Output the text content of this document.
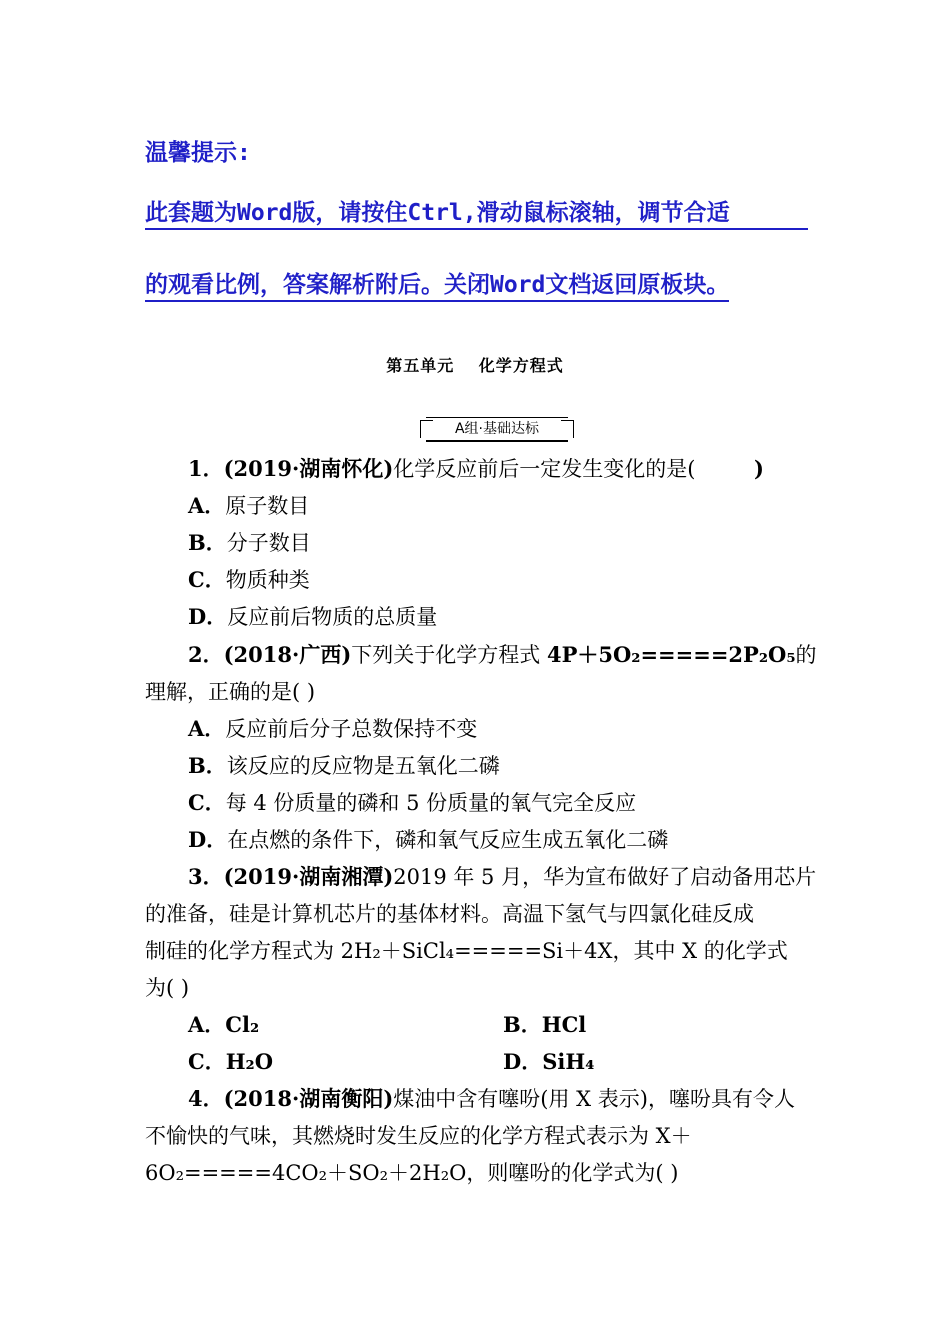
温馨提示:
此套题为Word版，请按住Ctrl,滑动鼠标滚轴，调节合适
的观看比例，答案解析附后。关闭Word文档返回原板块。
第五单元 化学方程式
A组·基础达标
1．(2019·湖南怀化)化学反应前后一定发生变化的是(        )
A．原子数目
B．分子数目
C．物质种类
D．反应前后物质的总质量
2．(2018·广西)下列关于化学方程式 4P＋5O₂=====2P₂O₅的
理解，正确的是( )
A．反应前后分子总数保持不变
B．该反应的反应物是五氧化二磷
C．每 4 份质量的磷和 5 份质量的氧气完全反应
D．在点燃的条件下，磷和氧气反应生成五氧化二磷
3．(2019·湖南湘潭)2019 年 5 月，华为宣布做好了启动备用芯片
的准备，硅是计算机芯片的基体材料。高温下氢气与四氯化硅反成
制硅的化学方程式为 2H₂＋SiCl₄=====Si＋4X，其中 X 的化学式
为( )
A．Cl₂	B．HCl
C．H₂O	D．SiH₄
4．(2018·湖南衡阳)煤油中含有噻吩(用 X 表示)，噻吩具有令人
不愉快的气味，其燃烧时发生反应的化学方程式表示为 X＋
6O₂=====4CO₂＋SO₂＋2H₂O，则噻吩的化学式为( )
